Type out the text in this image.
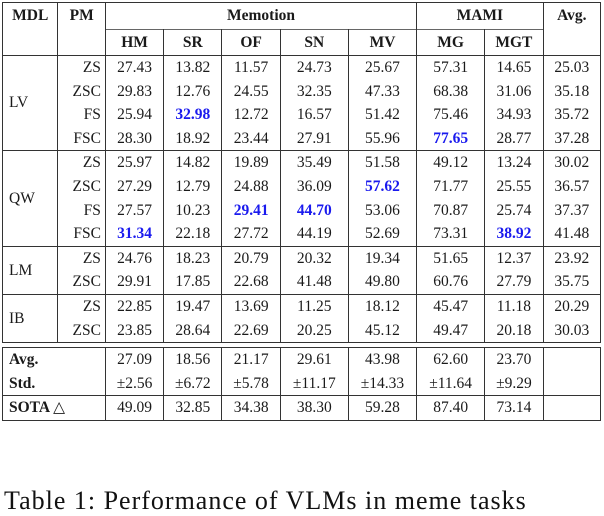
MDL	PM	Memotion					MAMI		Avg.
		HM	SR	OF	SN	MV	MG	MGT	
LV	ZS	27.43	13.82	11.57	24.73	25.67	57.31	14.65	25.03
	ZSC	29.83	12.76	24.55	32.35	47.33	68.38	31.06	35.18
	FS	25.94	32.98	12.72	16.57	51.42	75.46	34.93	35.72
	FSC	28.30	18.92	23.44	27.91	55.96	77.65	28.77	37.28
QW	ZS	25.97	14.82	19.89	35.49	51.58	49.12	13.24	30.02
	ZSC	27.29	12.79	24.88	36.09	57.62	71.77	25.55	36.57
	FS	27.57	10.23	29.41	44.70	53.06	70.87	25.74	37.37
	FSC	31.34	22.18	27.72	44.19	52.69	73.31	38.92	41.48
LM	ZS	24.76	18.23	20.79	20.32	19.34	51.65	12.37	23.92
	ZSC	29.91	17.85	22.68	41.48	49.80	60.76	27.79	35.75
IB	ZS	22.85	19.47	13.69	11.25	18.12	45.47	11.18	20.29
	ZSC	23.85	28.64	22.69	20.25	45.12	49.47	20.18	30.03

Avg.		27.09	18.56	21.17	29.61	43.98	62.60	23.70	
Std.		±2.56	±6.72	±5.78	±11.17	±14.33	±11.64	±9.29	
SOTA △		49.09	32.85	34.38	38.30	59.28	87.40	73.14	
Table 1: Performance of VLMs in meme tasks
